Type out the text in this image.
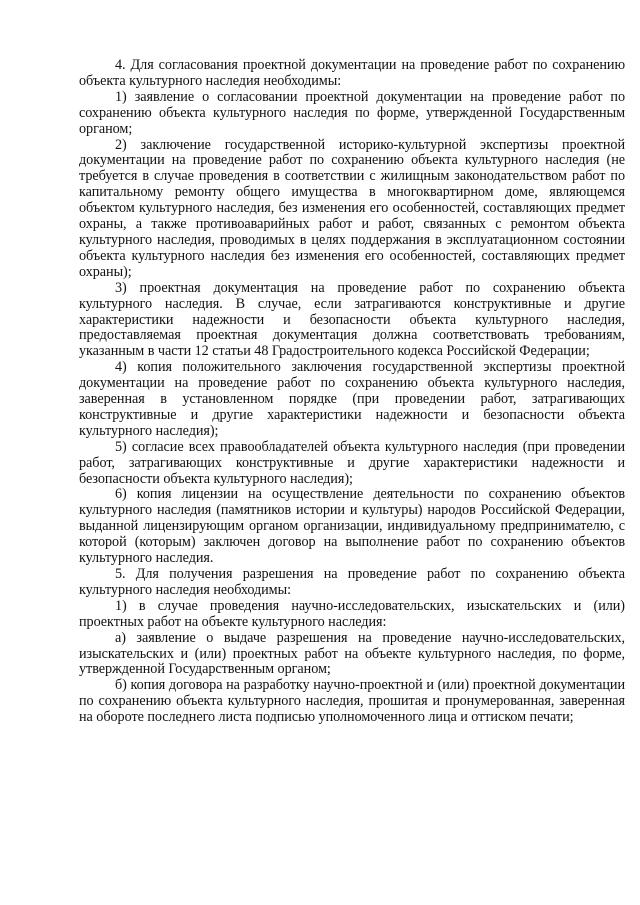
4. Для согласования проектной документации на проведение работ по сохранению объекта культурного наследия необходимы:

1) заявление о согласовании проектной документации на проведение работ по сохранению объекта культурного наследия по форме, утвержденной Государственным органом;

2) заключение государственной историко-культурной экспертизы проектной документации на проведение работ по сохранению объекта культурного наследия (не требуется в случае проведения в соответствии с жилищным законодательством работ по капитальному ремонту общего имущества в многоквартирном доме, являющемся объектом культурного наследия, без изменения его особенностей, составляющих предмет охраны, а также противоаварийных работ и работ, связанных с ремонтом объекта культурного наследия, проводимых в целях поддержания в эксплуатационном состоянии объекта культурного наследия без изменения его особенностей, составляющих предмет охраны);

3) проектная документация на проведение работ по сохранению объекта культурного наследия. В случае, если затрагиваются конструктивные и другие характеристики надежности и безопасности объекта культурного наследия, предоставляемая проектная документация должна соответствовать требованиям, указанным в части 12 статьи 48 Градостроительного кодекса Российской Федерации;

4) копия положительного заключения государственной экспертизы проектной документации на проведение работ по сохранению объекта культурного наследия, заверенная в установленном порядке (при проведении работ, затрагивающих конструктивные и другие характеристики надежности и безопасности объекта культурного наследия);

5) согласие всех правообладателей объекта культурного наследия (при проведении работ, затрагивающих конструктивные и другие характеристики надежности и безопасности объекта культурного наследия);

6) копия лицензии на осуществление деятельности по сохранению объектов культурного наследия (памятников истории и культуры) народов Российской Федерации, выданной лицензирующим органом организации, индивидуальному предпринимателю, с которой (которым) заключен договор на выполнение работ по сохранению объектов культурного наследия.

5. Для получения разрешения на проведение работ по сохранению объекта культурного наследия необходимы:

1) в случае проведения научно-исследовательских, изыскательских и (или) проектных работ на объекте культурного наследия:

а) заявление о выдаче разрешения на проведение научно-исследовательских, изыскательских и (или) проектных работ на объекте культурного наследия, по форме, утвержденной Государственным органом;

б) копия договора на разработку научно-проектной и (или) проектной документации по сохранению объекта культурного наследия, прошитая и пронумерованная, заверенная на обороте последнего листа подписью уполномоченного лица и оттиском печати;
